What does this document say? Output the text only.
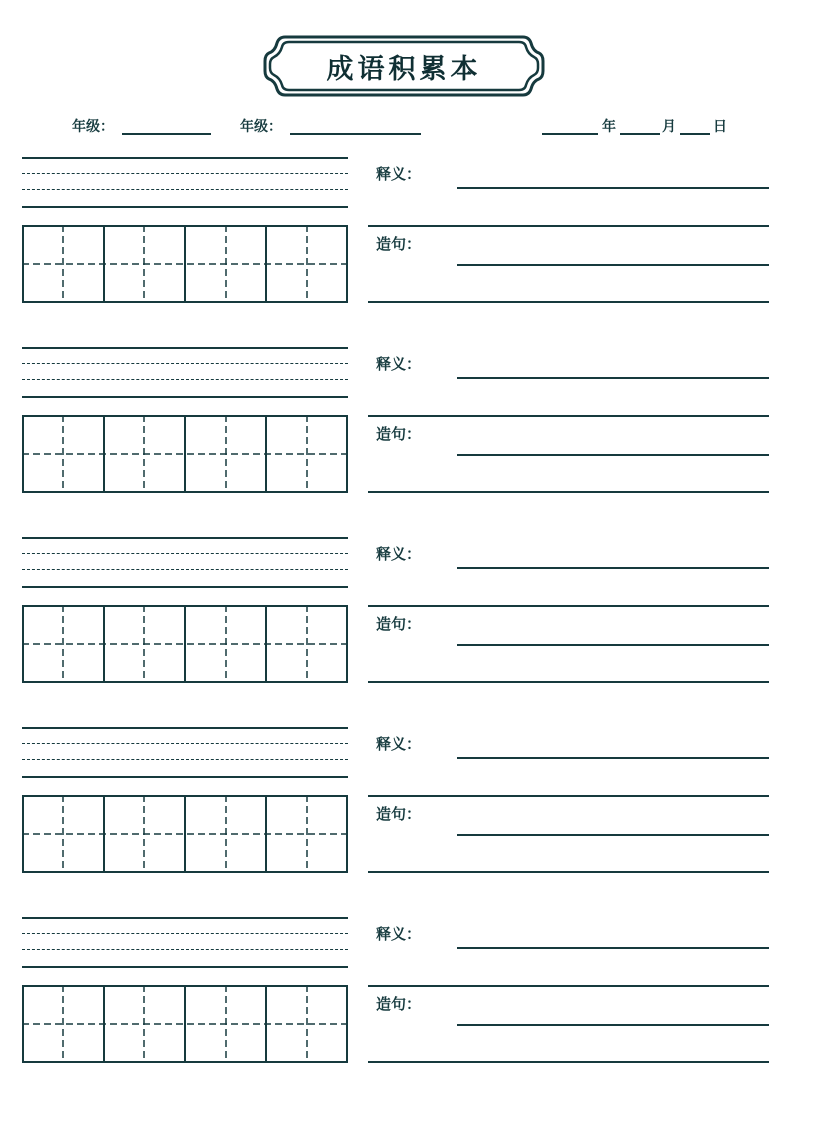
成语积累本
年级：	年级：	年	月	日
释义：
造句：
释义：
造句：
释义：
造句：
释义：
造句：
释义：
造句：
